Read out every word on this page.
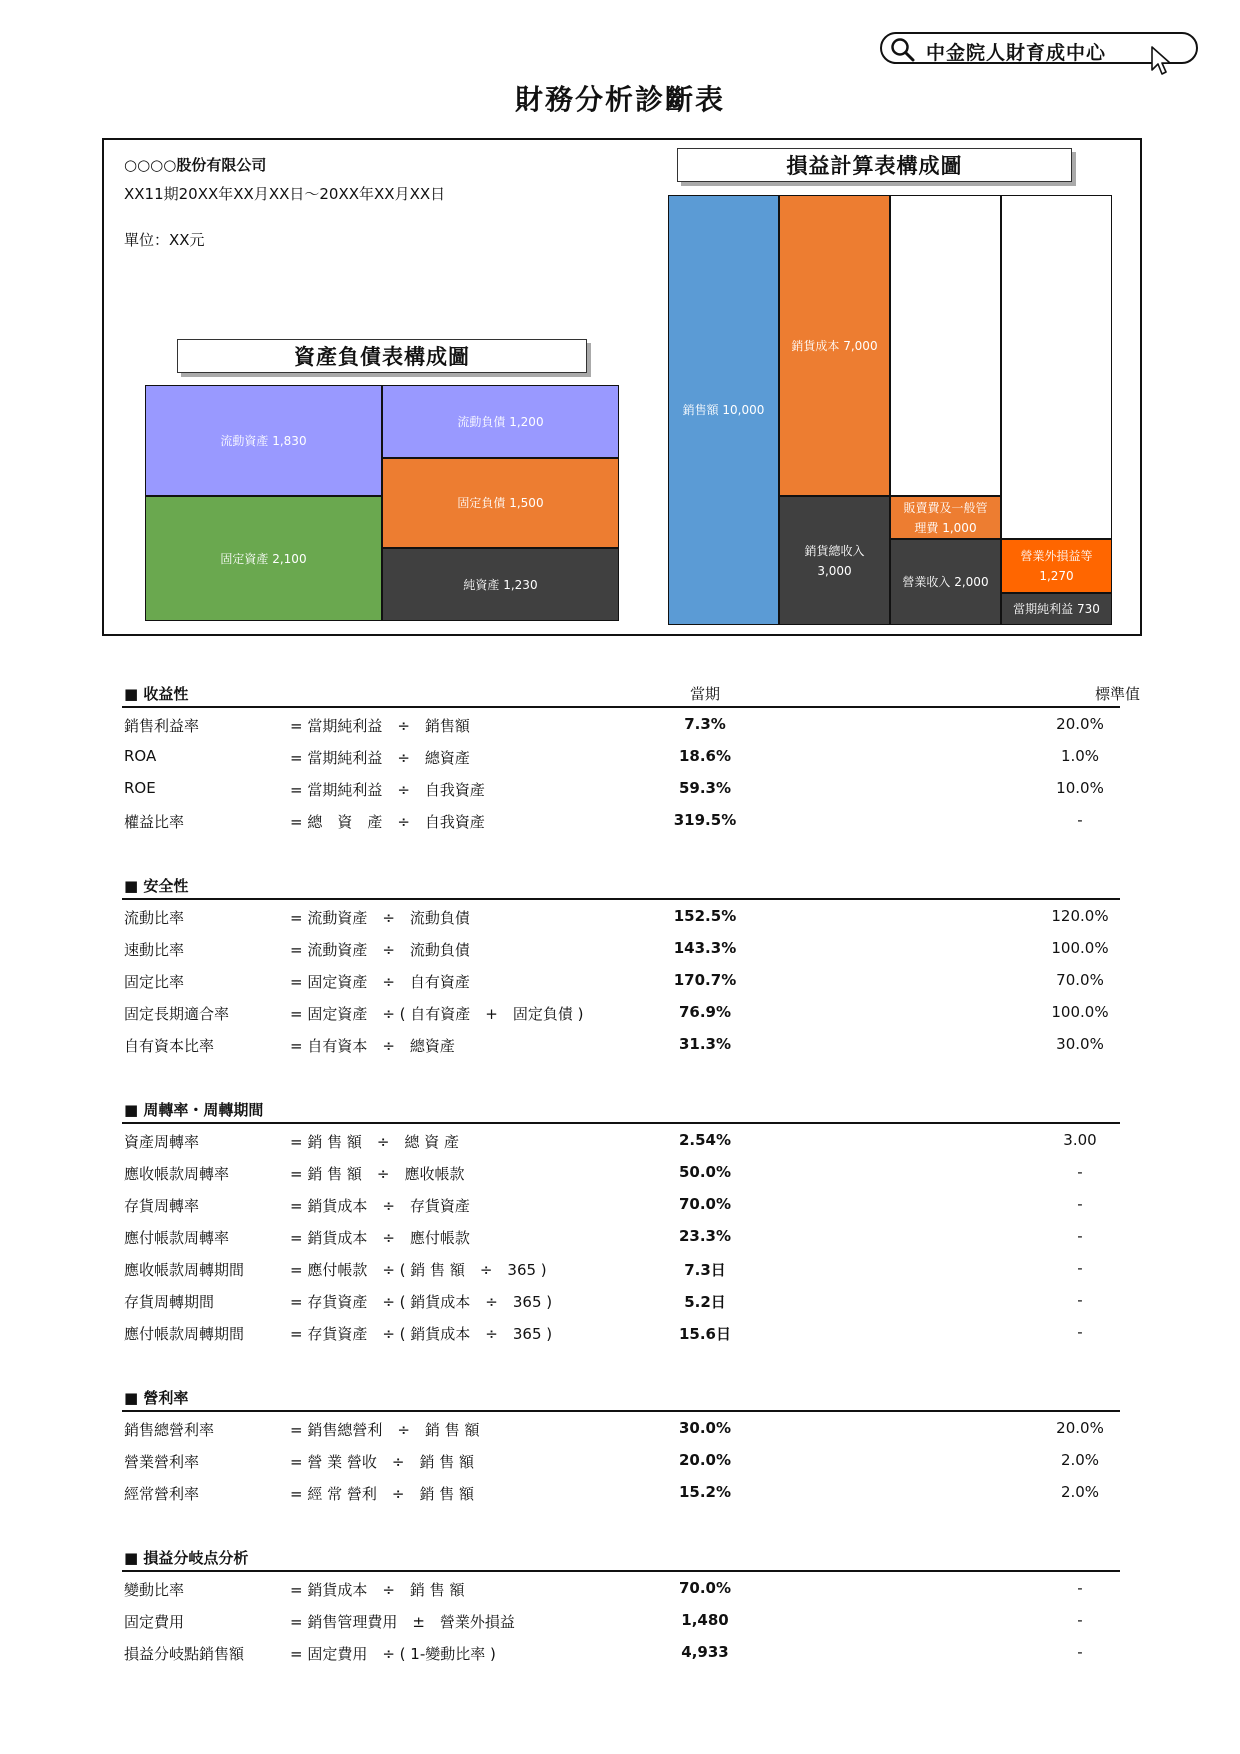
中金院人財育成中心
財務分析診斷表
○○○○股份有限公司
XX11期20XX年XX月XX日～20XX年XX月XX日
單位：XX元
資產負債表構成圖
流動資產 1,830
固定資產 2,100
流動負債 1,200
固定負債 1,500
純資產 1,230
損益計算表構成圖
銷售額 10,000
銷貨成本 7,000
銷貨總收入
3,000
販賣費及一般管
理費 1,000
營業收入 2,000
營業外損益等
1,270
當期純利益 730
當期	標準值
■ 收益性
銷售利益率	= 當期純利益　÷　銷售額	7.3%	20.0%
ROA	= 當期純利益　÷　總資產	18.6%	1.0%
ROE	= 當期純利益　÷　自我資產	59.3%	10.0%
權益比率	= 總　資　產　÷　自我資產	319.5%	-
■ 安全性
流動比率	= 流動資產　÷　流動負債	152.5%	120.0%
速動比率	= 流動資產　÷　流動負債	143.3%	100.0%
固定比率	= 固定資產　÷　自有資產	170.7%	70.0%
固定長期適合率	= 固定資產　÷ ( 自有資產　+　固定負債 )	76.9%	100.0%
自有資本比率	= 自有資本　÷　總資產	31.3%	30.0%
■ 周轉率・周轉期間
資產周轉率	= 銷 售 額　÷　總 資 產	2.54%	3.00
應收帳款周轉率	= 銷 售 額　÷　應收帳款	50.0%	-
存貨周轉率	= 銷貨成本　÷　存貨資產	70.0%	-
應付帳款周轉率	= 銷貨成本　÷　應付帳款	23.3%	-
應收帳款周轉期間	= 應付帳款　÷ ( 銷 售 額　÷　365 )	7.3日	-
存貨周轉期間	= 存貨資產　÷ ( 銷貨成本　÷　365 )	5.2日	-
應付帳款周轉期間	= 存貨資產　÷ ( 銷貨成本　÷　365 )	15.6日	-
■ 營利率
銷售總營利率	= 銷售總營利　÷　銷 售 額	30.0%	20.0%
營業營利率	= 營 業 營收　÷　銷 售 額	20.0%	2.0%
經常營利率	= 經 常 營利　÷　銷 售 額	15.2%	2.0%
■ 損益分岐点分析
變動比率	= 銷貨成本　÷　銷 售 額	70.0%	-
固定費用	= 銷售管理費用　±　營業外損益	1,480	-
損益分岐點銷售額	= 固定費用　÷ ( 1-變動比率 )	4,933	-
